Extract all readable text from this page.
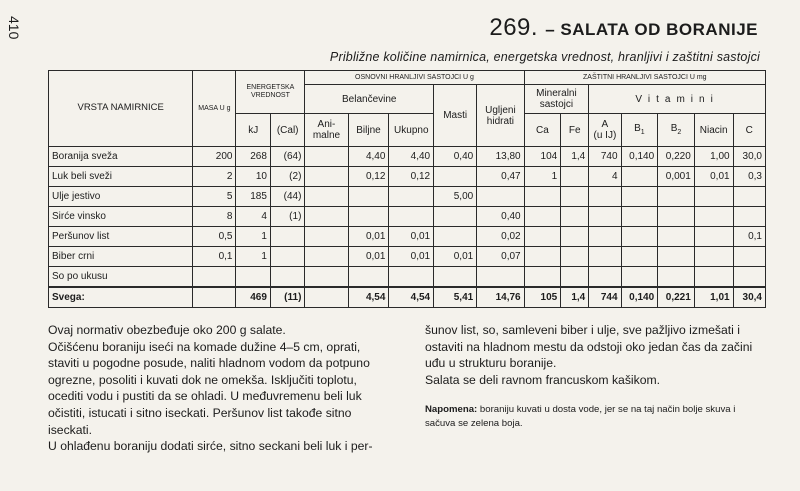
410	269. – SALATA OD BORANIJE
Približne količine namirnica, energetska vrednost, hranljivi i zaštitni sastojci
VRSTA NAMIRNICE	MASA U g	ENERGETSKA VREDNOST		OSNOVNI HRANLJIVI SASTOJCI U g					ZAŠTITNI HRANLJIVI SASTOJCI U mg						
				Belančevine			Masti	Ugljeni hidrati	Mineralni sastojci		Vitamini				
		kJ	(Cal)	Ani- malne	Biljne	Ukupno			Ca	Fe	A
(u IJ)	$B_1$	$B_2$	Niacin	C
Boranija sveža	200	268	(64)		4,40	4,40	0,40	13,80	104	1,4	740	0,140	0,220	1,00	30,0
Luk beli sveži	2	10	(2)		0,12	0,12		0,47	1		4		0,001	0,01	0,3
Ulje jestivo	5	185	(44)				5,00								
Sirće vinsko	8	4	(1)					0,40							
Peršunov list	0,5	1			0,01	0,01		0,02							0,1
Biber crni	0,1	1			0,01	0,01	0,01	0,07							
So po ukusu															
Svega:		469	(11)		4,54	4,54	5,41	14,76	105	1,4	744	0,140	0,221	1,01	30,4

Ovaj normativ obezbeđuje oko 200 g salate.

Očišćenu boraniju iseći na komade dužine 4–5 cm, oprati, staviti u pogodne posude, naliti hladnom vodom da potpuno ogrezne, posoliti i kuvati dok ne omekša. Isključiti toplotu, ocediti vodu i pustiti da se ohladi. U međuvremenu beli luk očistiti, istucati i sitno iseckati. Peršunov list takođe sitno iseckati.

U ohlađenu boraniju dodati sirće, sitno seckani beli luk i per-

šunov list, so, samleveni biber i ulje, sve pažljivo izmešati i ostaviti na hladnom mestu da odstoji oko jedan čas da začini uđu u strukturu boranije.

Salata se deli ravnom francuskom kašikom.

Napomena: boraniju kuvati u dosta vode, jer se na taj način bolje skuva i sačuva se zelena boja.
